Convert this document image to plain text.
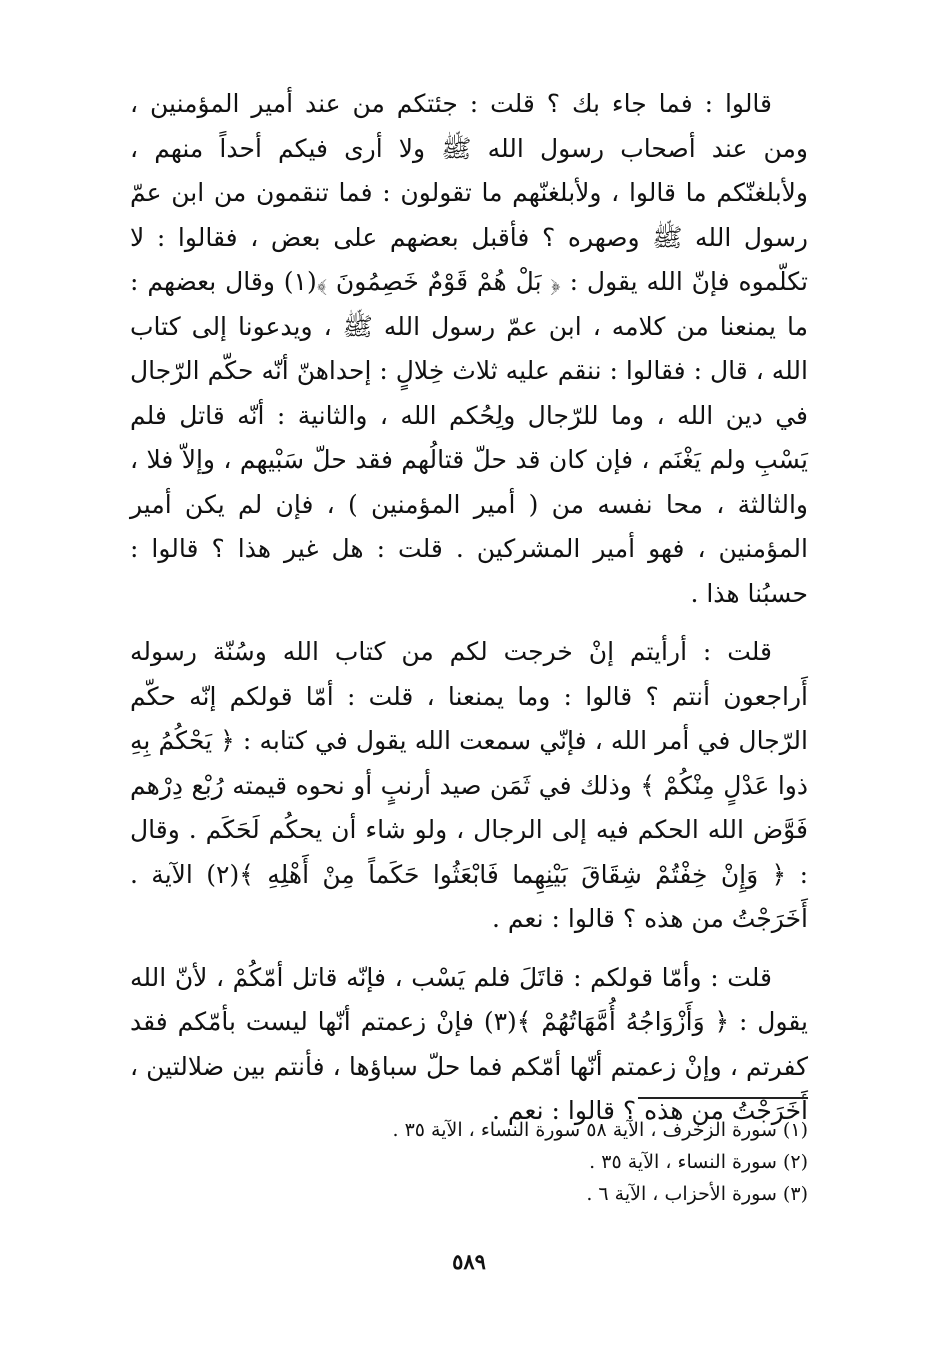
قالوا : فما جاء بك ؟ قلت : جئتكم من عند أمير المؤمنين ، ومن عند أصحاب رسول الله ﷺ ولا أرى فيكم أحداً منهم ، ولأبلغنّكم ما قالوا ، ولأبلغنّهم ما تقولون : فما تنقمون من ابن عمّ رسول الله ﷺ وصهره ؟ فأقبل بعضهم على بعض ، فقالوا : لا تكلّموه فإنّ الله يقول : ﴿ بَلْ هُمْ قَوْمٌ خَصِمُونَ ﴾(١) وقال بعضهم : ما يمنعنا من كلامه ، ابن عمّ رسول الله ﷺ ، ويدعونا إلى كتاب الله ، قال : فقالوا : ننقم عليه ثلاث خِلالٍ : إحداهنّ أنّه حكّم الرّجال في دين الله ، وما للرّجال ولِحُكم الله ، والثانية : أنّه قاتل فلم يَسْبِ ولم يَغْنَم ، فإن كان قد حلّ قتالُهم فقد حلّ سَبْيهم ، وإلاّ فلا ، والثالثة ، محا نفسه من ( أمير المؤمنين ) ، فإن لم يكن أمير المؤمنين ، فهو أمير المشركين . قلت : هل غير هذا ؟ قالوا : حسبُنا هذا .

قلت : أرأيتم إنْ خرجت لكم من كتاب الله وسُنّة رسوله أَراجعون أنتم ؟ قالوا : وما يمنعنا ، قلت : أمّا قولكم إنّه حكّم الرّجال في أمر الله ، فإنّي سمعت الله يقول في كتابه : ﴿ يَحْكُمُ بِهِ ذوا عَدْلٍ مِنْكُمْ ﴾ وذلك في ثَمَن صيد أرنبٍ أو نحوه قيمته رُبْع دِرْهم فَوَّض الله الحكم فيه إلى الرجال ، ولو شاء أن يحكُم لَحَكَم . وقال : ﴿ وَإِنْ خِفْتُمْ شِقَاقَ بَيْنِهِما فَابْعَثُوا حَكَماً مِنْ أَهْلِهِ ﴾(٢) الآية . أَخَرَجْتُ من هذه ؟ قالوا : نعم .

قلت : وأمّا قولكم : قاتَلَ فلم يَسْب ، فإنّه قاتل أمّكُمْ ، لأنّ الله يقول : ﴿ وَأَزْوَاجُهُ أُمَّهَاتُهُمْ ﴾(٣) فإنْ زعمتم أنّها ليست بأمّكم فقد كفرتم ، وإنْ زعمتم أنّها أمّكم فما حلّ سباؤها ، فأنتم بين ضلالتين ، أَخَرَجْتُ من هذه ؟ قالوا : نعم .

(١) سورة الزخرف ، الآية ٥٨ سورة النساء ، الآية ٣٥ .
(٢) سورة النساء ، الآية ٣٥ .
(٣) سورة الأحزاب ، الآية ٦ .
٥٨٩
